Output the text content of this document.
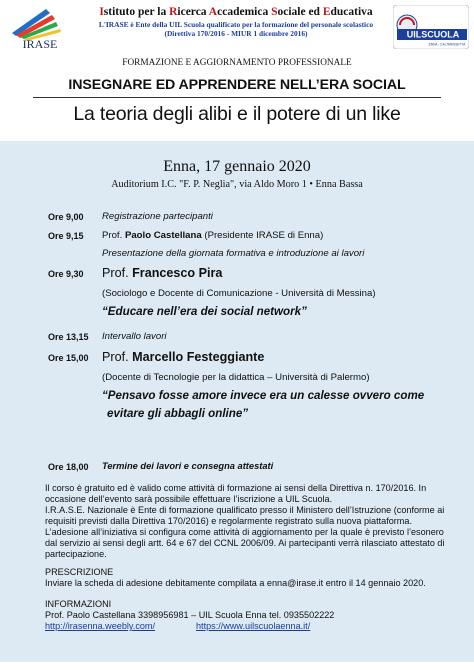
IRASE
Istituto per la Ricerca Accademica Sociale ed Educativa
L'IRASE è Ente della UIL Scuola qualificato per la formazione del personale scolastico
(Direttiva 170/2016 - MIUR 1 dicembre 2016)	UILSCUOLA
ENNA - CALTANISSETTA
FORMAZIONE E AGGIORNAMENTO PROFESSIONALE
INSEGNARE ED APPRENDERE NELL’ERA SOCIAL
La teoria degli alibi e il potere di un like
Enna, 17 gennaio 2020
Auditorium I.C. "F. P. Neglia", via Aldo Moro 1 • Enna Bassa
Ore 9,00 Registrazione partecipanti
Ore 9,15 Prof. Paolo Castellana (Presidente IRASE di Enna)
Presentazione della giornata formativa e introduzione ai lavori
Ore 9,30 Prof. Francesco Pira
(Sociologo e Docente di Comunicazione - Università di Messina)
“Educare nell’era dei social network”
Ore 13,15 Intervallo lavori
Ore 15,00 Prof. Marcello Festeggiante
(Docente di Tecnologie per la didattica – Università di Palermo)
“Pensavo fosse amore invece era un calesse ovvero come
evitare gli abbagli online”
Ore 18,00 Termine dei lavori e consegna attestati
Il corso è gratuito ed è valido come attività di formazione ai sensi della Direttiva n. 170/2016. In occasione dell’evento sarà possibile effettuare l’iscrizione a UIL Scuola.
I.R.A.S.E. Nazionale è Ente di formazione qualificato presso il Ministero dell’Istruzione (conforme ai requisiti previsti dalla Direttiva 170/2016) e regolarmente registrato sulla nuova piattaforma.
L’adesione all’iniziativa si configura come attività di aggiornamento per la quale è previsto l’esonero dal servizio ai sensi degli artt. 64 e 67 del CCNL 2006/09. Ai partecipanti verrà rilasciato attestato di partecipazione.
PRESCRIZIONE
Inviare la scheda di adesione debitamente compilata a enna@irase.it entro il 14 gennaio 2020.
INFORMAZIONI
Prof. Paolo Castellana 3398956981 – UIL Scuola Enna tel. 0935502222
http://irasenna.weebly.com/	https://www.uilscuolaenna.it/
